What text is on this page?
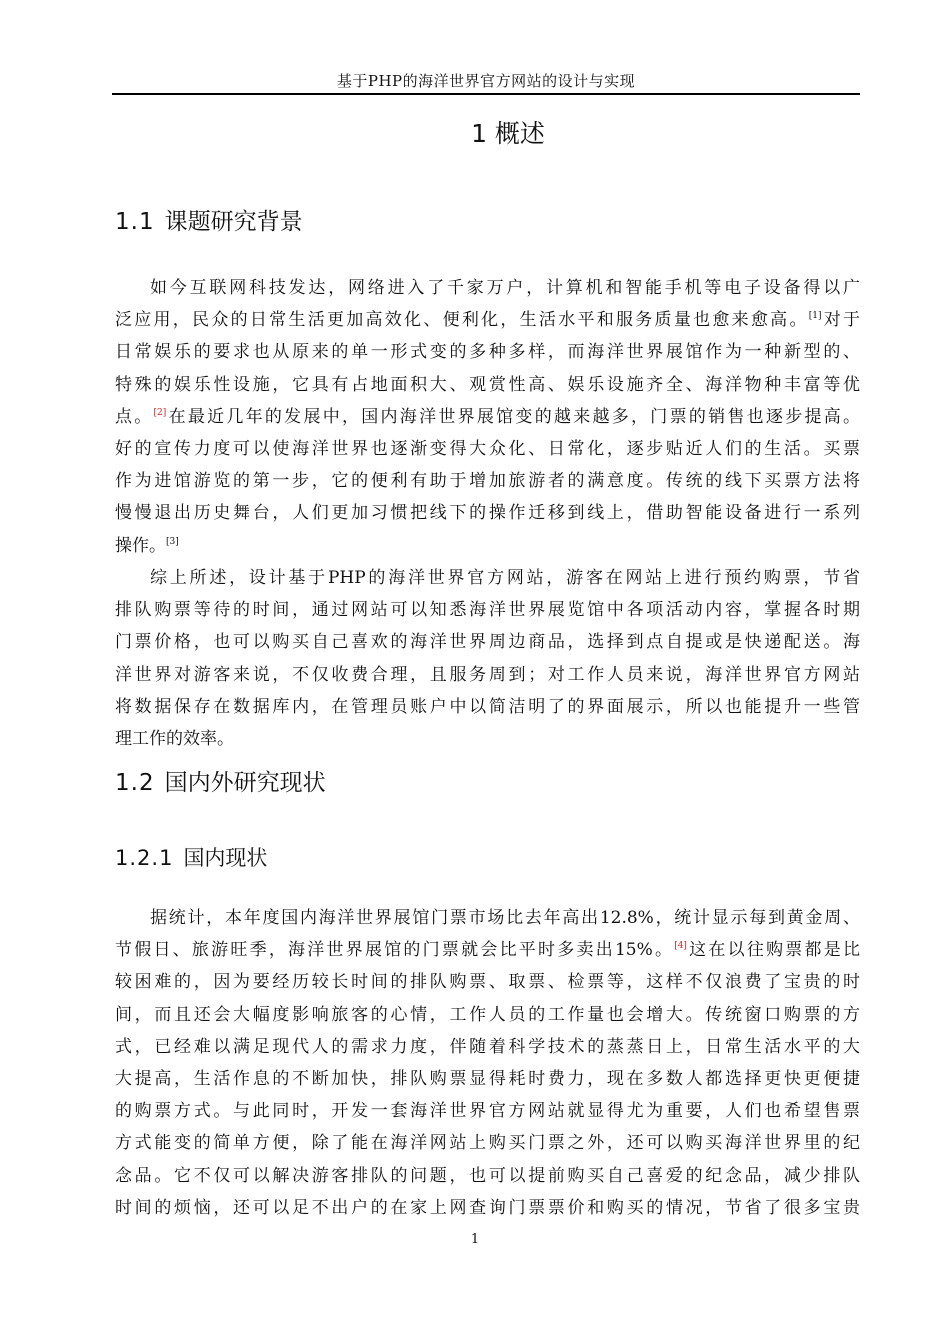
基于PHP的海洋世界官方网站的设计与实现
1 概述
1.1 课题研究背景
如今互联网科技发达，网络进入了千家万户，计算机和智能手机等电子设备得以广
泛应用，民众的日常生活更加高效化、便利化，生活水平和服务质量也愈来愈高。[1]对于
日常娱乐的要求也从原来的单一形式变的多种多样，而海洋世界展馆作为一种新型的、
特殊的娱乐性设施，它具有占地面积大、观赏性高、娱乐设施齐全、海洋物种丰富等优
点。[2]在最近几年的发展中，国内海洋世界展馆变的越来越多，门票的销售也逐步提高。
好的宣传力度可以使海洋世界也逐渐变得大众化、日常化，逐步贴近人们的生活。买票
作为进馆游览的第一步，它的便利有助于增加旅游者的满意度。传统的线下买票方法将
慢慢退出历史舞台，人们更加习惯把线下的操作迁移到线上，借助智能设备进行一系列
操作。[3]
综上所述，设计基于PHP的海洋世界官方网站，游客在网站上进行预约购票，节省
排队购票等待的时间，通过网站可以知悉海洋世界展览馆中各项活动内容，掌握各时期
门票价格，也可以购买自己喜欢的海洋世界周边商品，选择到点自提或是快递配送。海
洋世界对游客来说，不仅收费合理，且服务周到；对工作人员来说，海洋世界官方网站
将数据保存在数据库内，在管理员账户中以简洁明了的界面展示，所以也能提升一些管
理工作的效率。
1.2 国内外研究现状
1.2.1 国内现状
据统计，本年度国内海洋世界展馆门票市场比去年高出12.8%，统计显示每到黄金周、
节假日、旅游旺季，海洋世界展馆的门票就会比平时多卖出15%。[4]这在以往购票都是比
较困难的，因为要经历较长时间的排队购票、取票、检票等，这样不仅浪费了宝贵的时
间，而且还会大幅度影响旅客的心情，工作人员的工作量也会增大。传统窗口购票的方
式，已经难以满足现代人的需求力度，伴随着科学技术的蒸蒸日上，日常生活水平的大
大提高，生活作息的不断加快，排队购票显得耗时费力，现在多数人都选择更快更便捷
的购票方式。与此同时，开发一套海洋世界官方网站就显得尤为重要，人们也希望售票
方式能变的简单方便，除了能在海洋网站上购买门票之外，还可以购买海洋世界里的纪
念品。它不仅可以解决游客排队的问题，也可以提前购买自己喜爱的纪念品，减少排队
时间的烦恼，还可以足不出户的在家上网查询门票票价和购买的情况，节省了很多宝贵
1
